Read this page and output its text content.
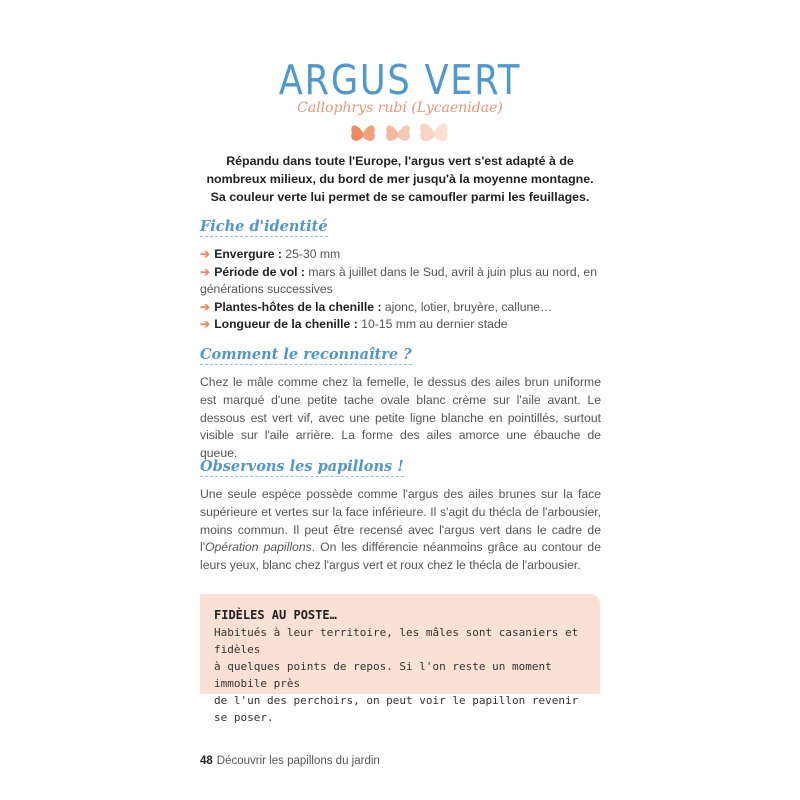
ARGUS VERT
Callophrys rubi (Lycaenidae)
Répandu dans toute l'Europe, l'argus vert s'est adapté à de nombreux milieux, du bord de mer jusqu'à la moyenne montagne. Sa couleur verte lui permet de se camoufler parmi les feuillages.
Fiche d'identité
➔ Envergure : 25-30 mm
➔ Période de vol : mars à juillet dans le Sud, avril à juin plus au nord, en générations successives
➔ Plantes-hôtes de la chenille : ajonc, lotier, bruyère, callune…
➔ Longueur de la chenille : 10-15 mm au dernier stade
Comment le reconnaître ?
Chez le mâle comme chez la femelle, le dessus des ailes brun uniforme est marqué d'une petite tache ovale blanc crème sur l'aile avant. Le dessous est vert vif, avec une petite ligne blanche en pointillés, surtout visible sur l'aile arrière. La forme des ailes amorce une ébauche de queue.
Observons les papillons !
Une seule espèce possède comme l'argus des ailes brunes sur la face supérieure et vertes sur la face inférieure. Il s'agit du thécla de l'arbousier, moins commun. Il peut être recensé avec l'argus vert dans le cadre de l'Opération papillons. On les différencie néanmoins grâce au contour de leurs yeux, blanc chez l'argus vert et roux chez le thécla de l'arbousier.
FIDÈLES AU POSTE…
Habitués à leur territoire, les mâles sont casaniers et fidèles
à quelques points de repos. Si l'on reste un moment immobile près
de l'un des perchoirs, on peut voir le papillon revenir se poser.
48 Découvrir les papillons du jardin
